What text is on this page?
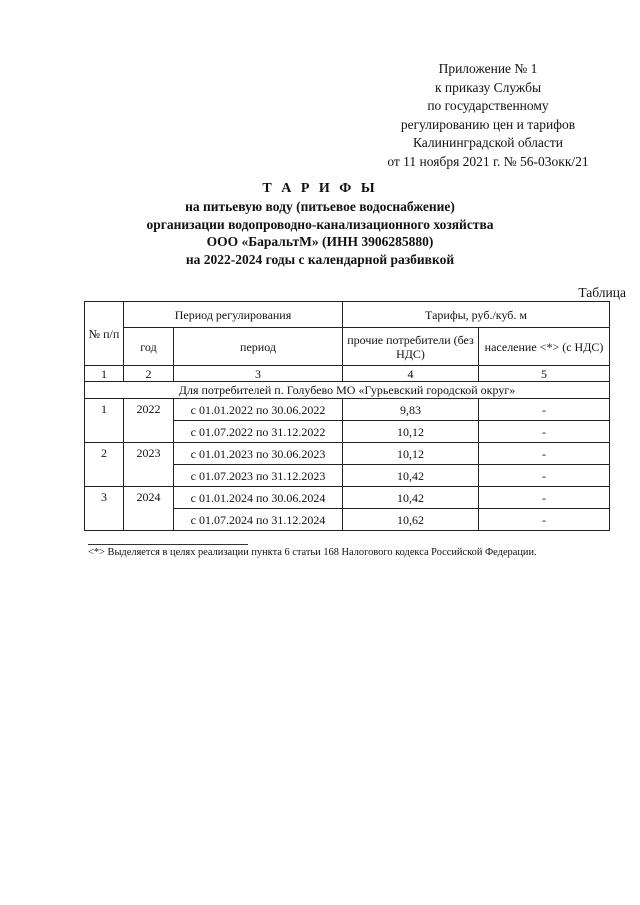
Приложение № 1
к приказу Службы
по государственному
регулированию цен и тарифов
Калининградской области
от 11 ноября 2021 г. № 56-03окк/21
Т А Р И Ф Ы
на питьевую воду (питьевое водоснабжение)
организации водопроводно-канализационного хозяйства
ООО «БаральтМ» (ИНН 3906285880)
на 2022-2024 годы с календарной разбивкой
Таблица
№ п/п	Период регулирования		Тарифы, руб./куб. м	
	год	период	прочие потребители (без НДС)	население <*> (с НДС)
1	2	3	4	5
Для потребителей п. Голубево МО «Гурьевский городской округ»				
1	2022	с 01.01.2022 по 30.06.2022	9,83	-
		с 01.07.2022 по 31.12.2022	10,12	-
2	2023	с 01.01.2023 по 30.06.2023	10,12	-
		с 01.07.2023 по 31.12.2023	10,42	-
3	2024	с 01.01.2024 по 30.06.2024	10,42	-
		с 01.07.2024 по 31.12.2024	10,62	-
<*> Выделяется в целях реализации пункта 6 статьи 168 Налогового кодекса Российской Федерации.
